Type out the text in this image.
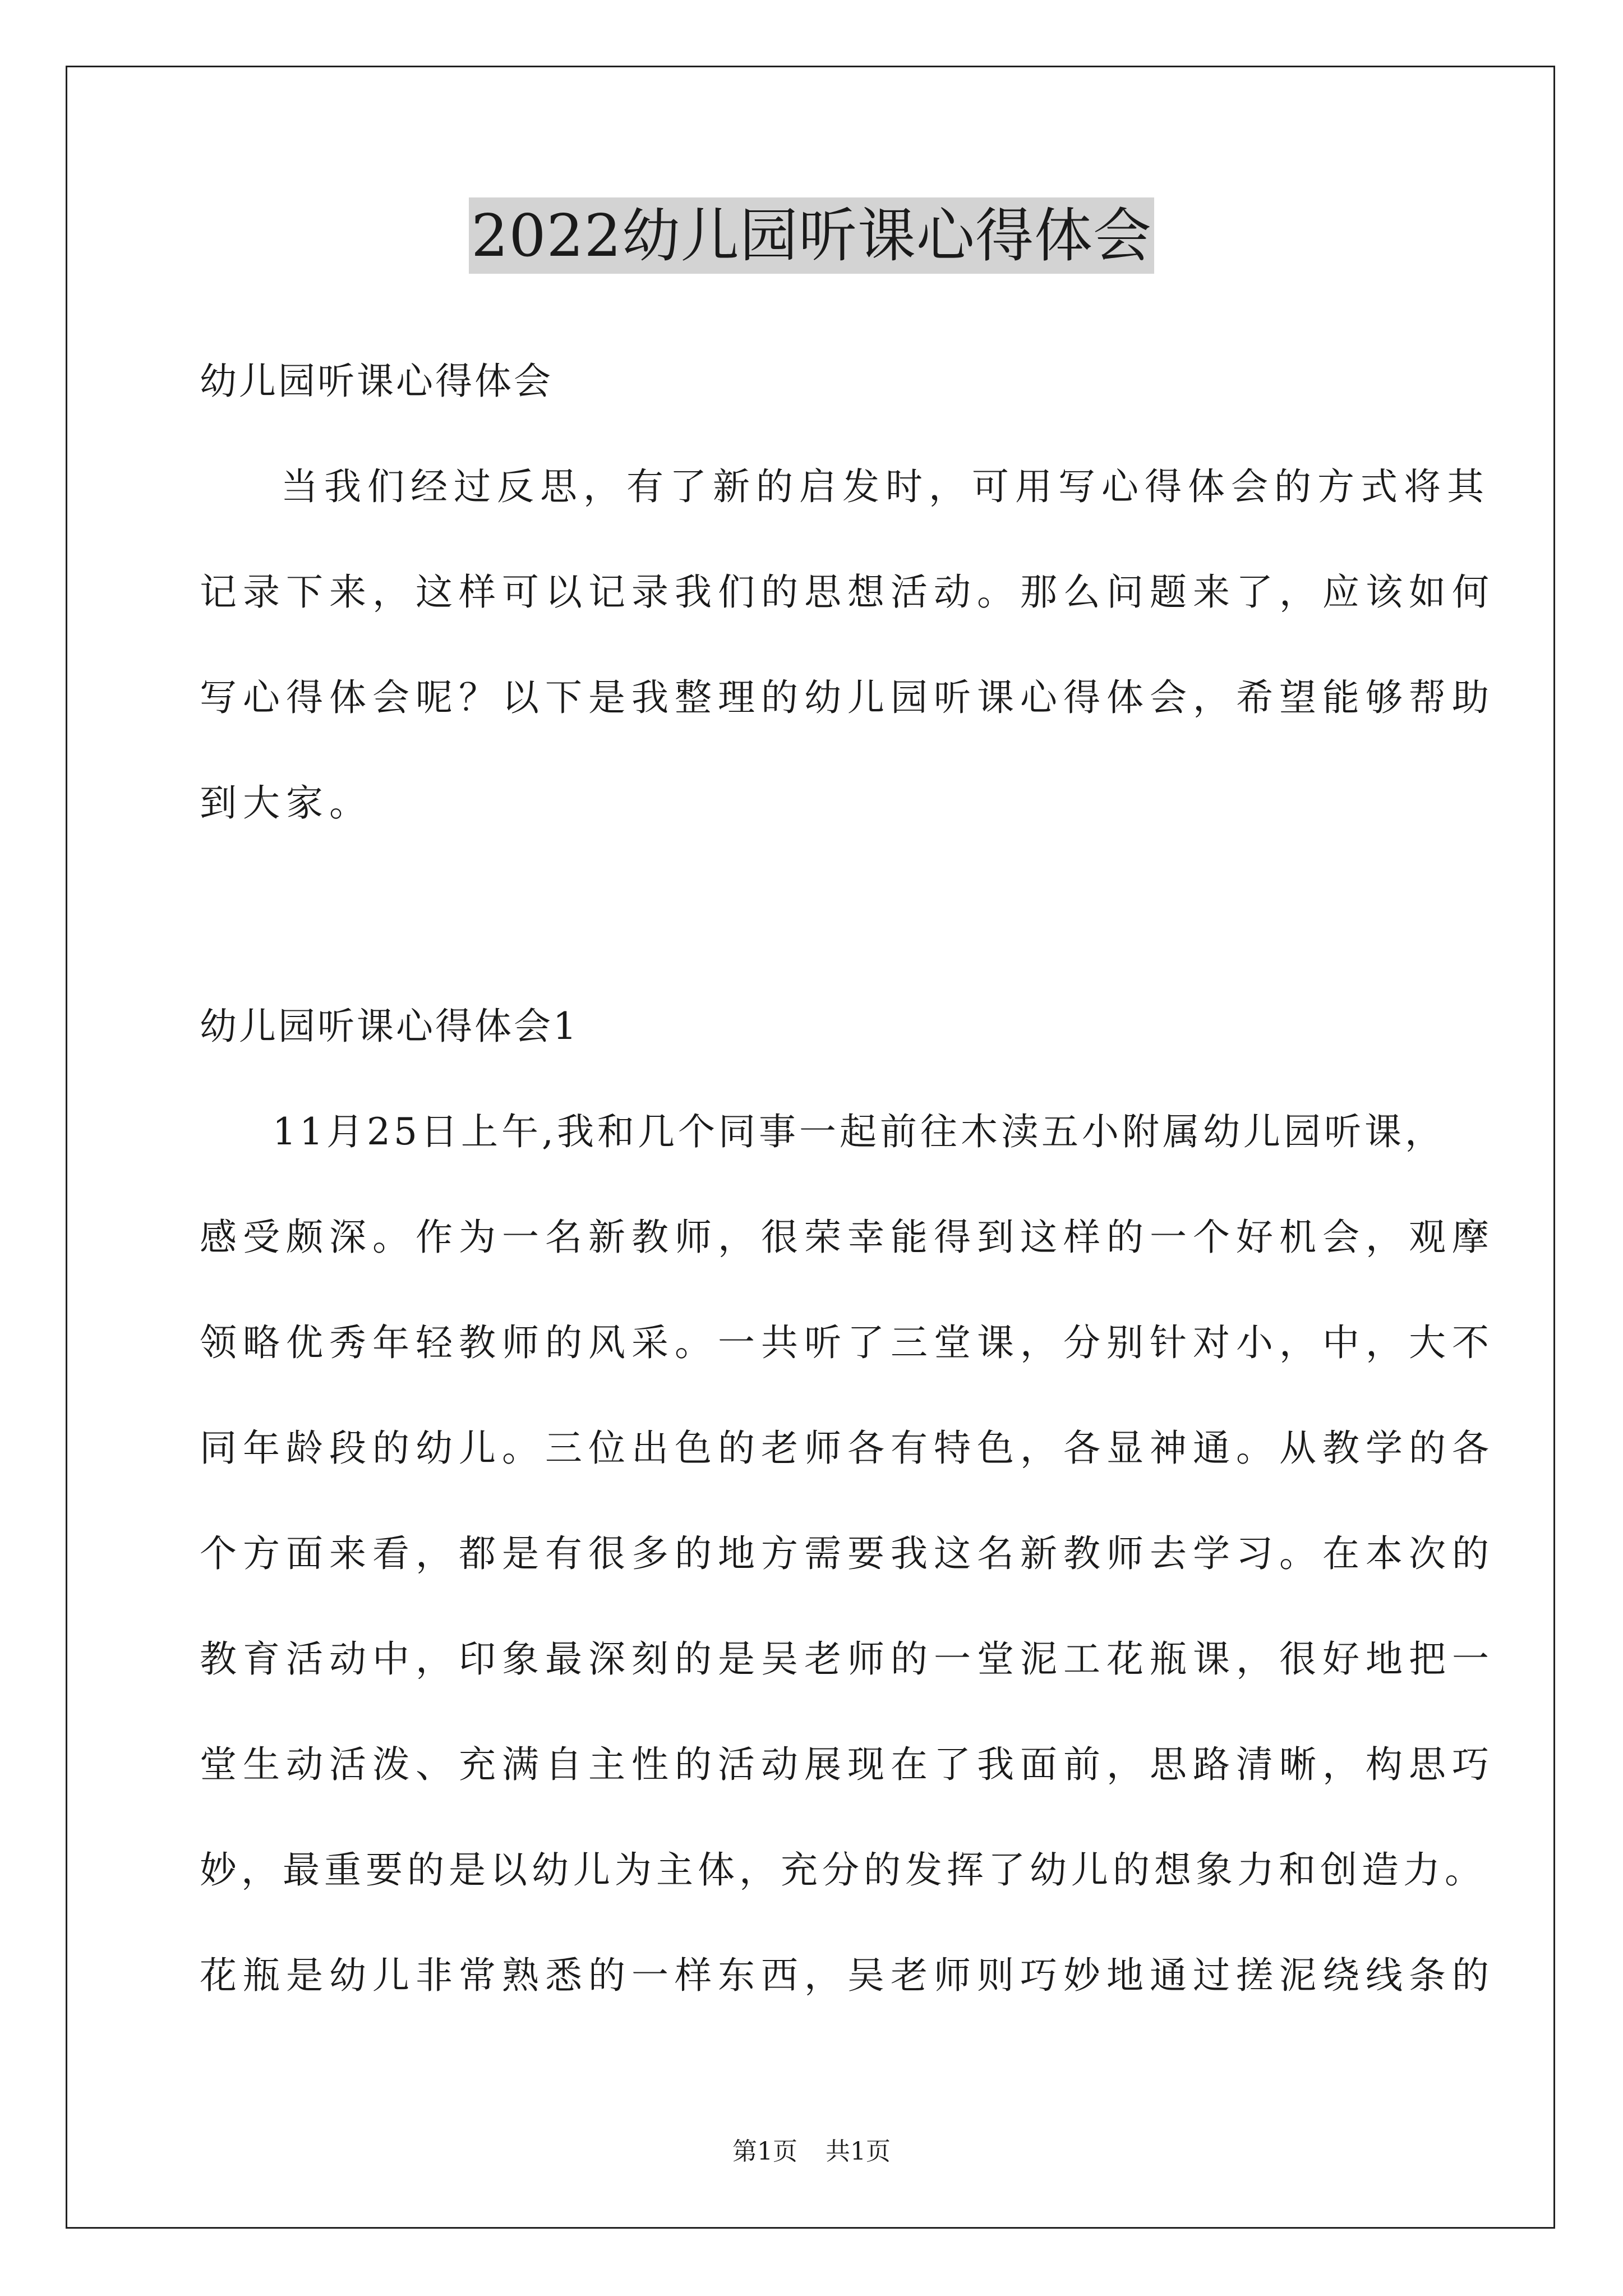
2022幼儿园听课心得体会
幼儿园听课心得体会
当我们经过反思，有了新的启发时，可用写心得体会的方式将其
记录下来，这样可以记录我们的思想活动。那么问题来了，应该如何
写心得体会呢？以下是我整理的幼儿园听课心得体会，希望能够帮助
到大家。
幼儿园听课心得体会1
11月25日上午,我和几个同事一起前往木渎五小附属幼儿园听课，
感受颇深。作为一名新教师，很荣幸能得到这样的一个好机会，观摩
领略优秀年轻教师的风采。一共听了三堂课，分别针对小，中，大不
同年龄段的幼儿。三位出色的老师各有特色，各显神通。从教学的各
个方面来看，都是有很多的地方需要我这名新教师去学习。在本次的
教育活动中，印象最深刻的是吴老师的一堂泥工花瓶课，很好地把一
堂生动活泼、充满自主性的活动展现在了我面前，思路清晰，构思巧
妙，最重要的是以幼儿为主体，充分的发挥了幼儿的想象力和创造力。
花瓶是幼儿非常熟悉的一样东西，吴老师则巧妙地通过搓泥绕线条的
第1页 共1页
